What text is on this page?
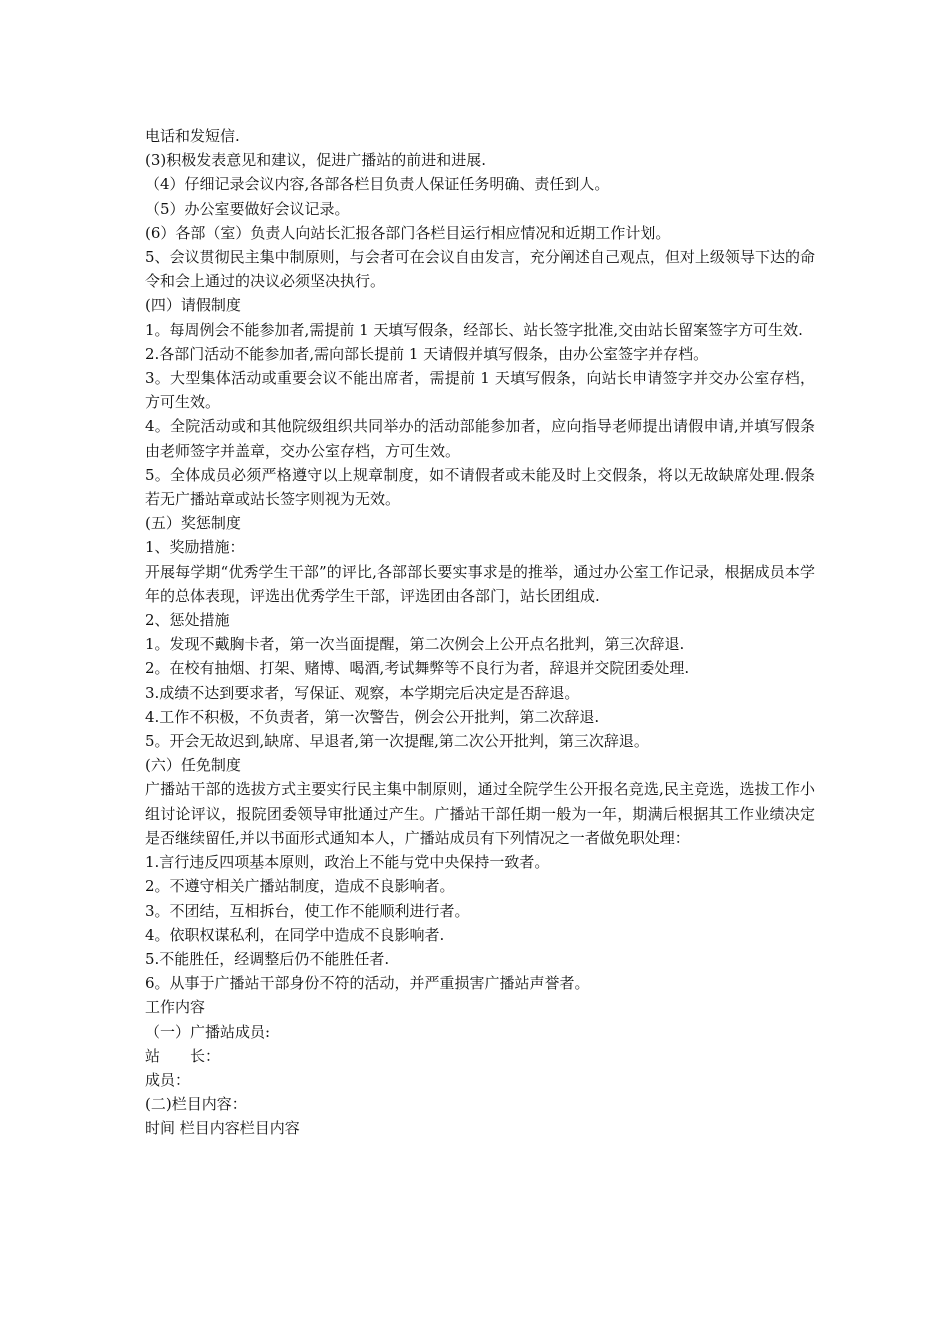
电话和发短信.
(3)积极发表意见和建议，促进广播站的前进和进展.
（4）仔细记录会议内容,各部各栏目负责人保证任务明确、责任到人。
（5）办公室要做好会议记录。
(6）各部（室）负责人向站长汇报各部门各栏目运行相应情况和近期工作计划。
5、会议贯彻民主集中制原则，与会者可在会议自由发言，充分阐述自己观点，但对上级领导下达的命令和会上通过的决议必须坚决执行。
(四）请假制度
1。每周例会不能参加者,需提前 1 天填写假条，经部长、站长签字批准,交由站长留案签字方可生效.
2.各部门活动不能参加者,需向部长提前 1 天请假并填写假条，由办公室签字并存档。
3。大型集体活动或重要会议不能出席者，需提前 1 天填写假条，向站长申请签字并交办公室存档，方可生效。
4。全院活动或和其他院级组织共同举办的活动部能参加者，应向指导老师提出请假申请,并填写假条由老师签字并盖章，交办公室存档，方可生效。
5。全体成员必须严格遵守以上规章制度，如不请假者或未能及时上交假条，将以无故缺席处理.假条若无广播站章或站长签字则视为无效。
(五）奖惩制度
1、奖励措施：
开展每学期“优秀学生干部”的评比,各部部长要实事求是的推举，通过办公室工作记录，根据成员本学年的总体表现，评选出优秀学生干部，评选团由各部门，站长团组成.
2、惩处措施
1。发现不戴胸卡者，第一次当面提醒，第二次例会上公开点名批判，第三次辞退.
2。在校有抽烟、打架、赌博、喝酒,考试舞弊等不良行为者，辞退并交院团委处理.
3.成绩不达到要求者，写保证、观察，本学期完后决定是否辞退。
4.工作不积极，不负责者，第一次警告，例会公开批判，第二次辞退.
5。开会无故迟到,缺席、早退者,第一次提醒,第二次公开批判，第三次辞退。
(六）任免制度
广播站干部的选拔方式主要实行民主集中制原则，通过全院学生公开报名竞选,民主竞选，选拔工作小组讨论评议，报院团委领导审批通过产生。广播站干部任期一般为一年，期满后根据其工作业绩决定是否继续留任,并以书面形式通知本人，广播站成员有下列情况之一者做免职处理：
1.言行违反四项基本原则，政治上不能与党中央保持一致者。
2。不遵守相关广播站制度，造成不良影响者。
3。不团结，互相拆台，使工作不能顺利进行者。
4。依职权谋私利，在同学中造成不良影响者.
5.不能胜任，经调整后仍不能胜任者.
6。从事于广播站干部身份不符的活动，并严重损害广播站声誉者。
工作内容
（一）广播站成员:
站　　长：
成员：
(二)栏目内容：
时间 栏目内容栏目内容
